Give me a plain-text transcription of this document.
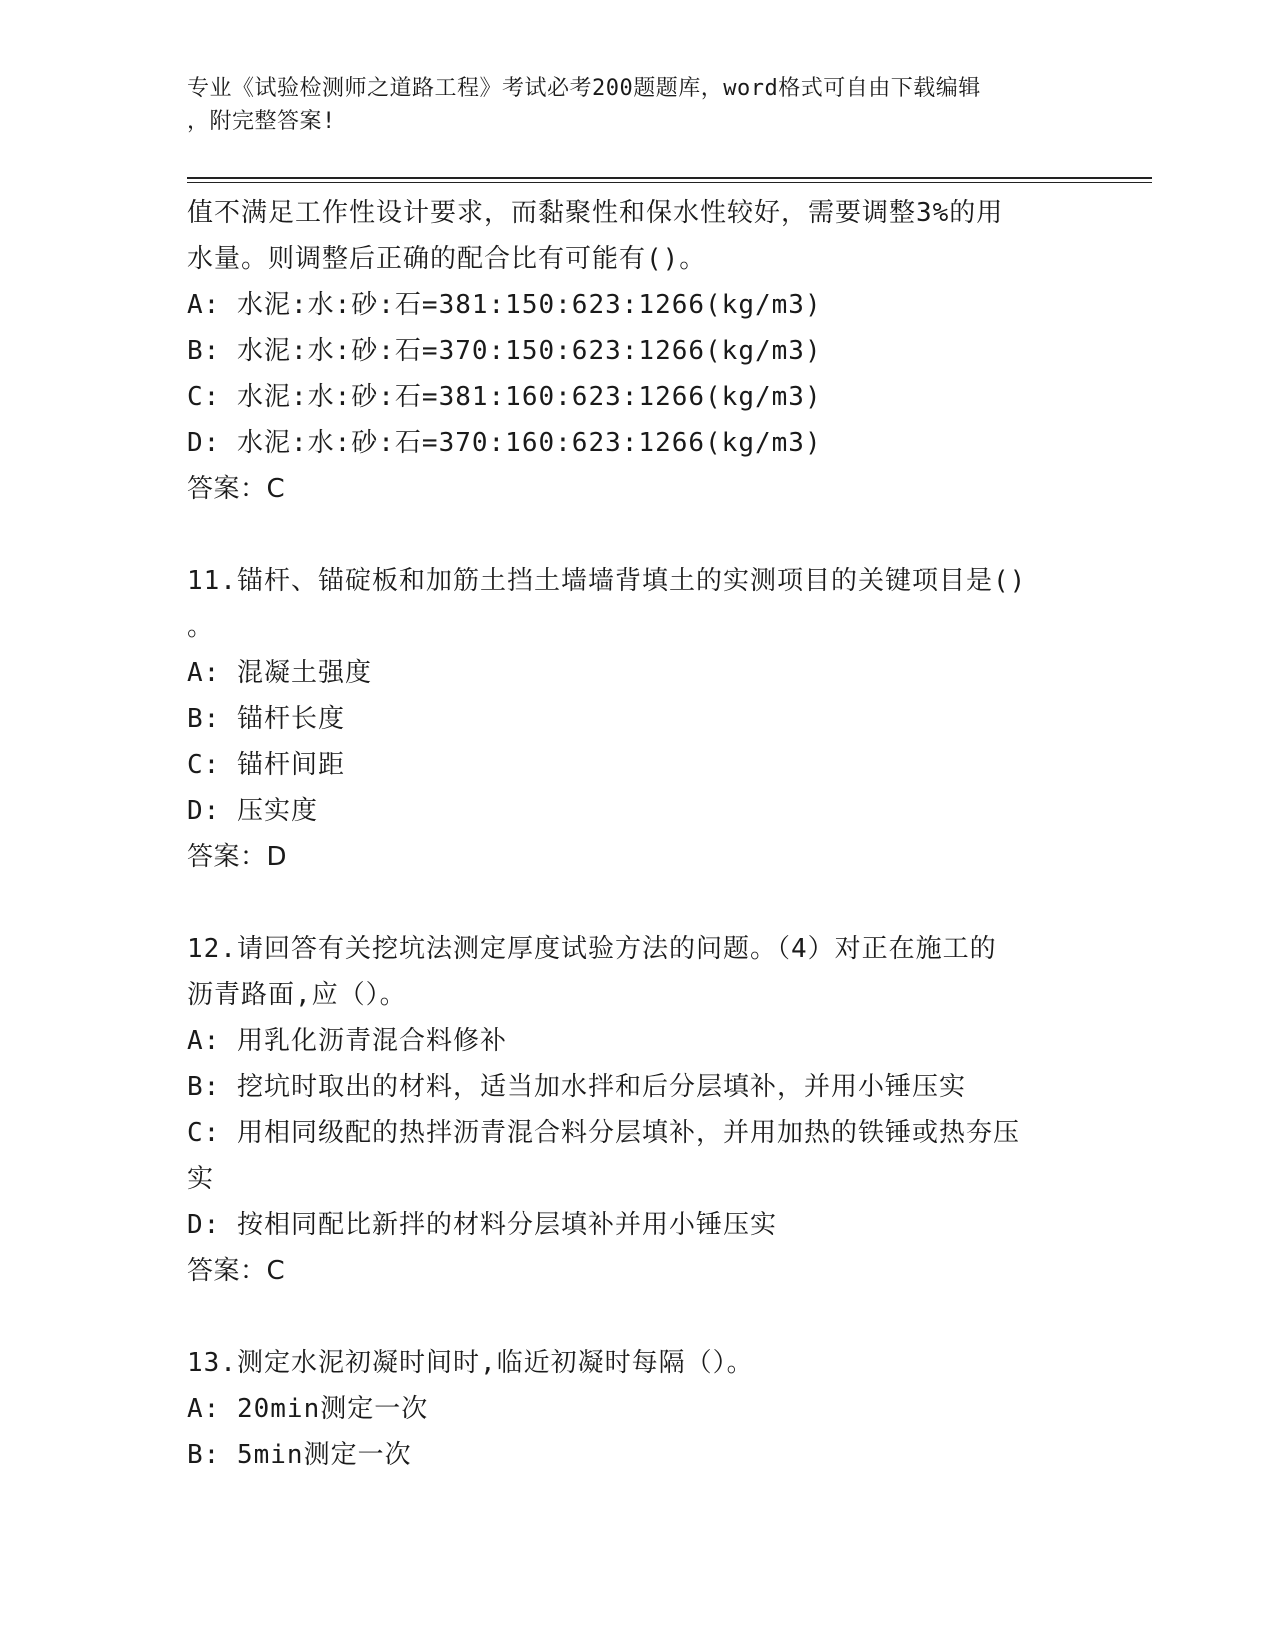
专业《试验检测师之道路工程》考试必考200题题库，word格式可自由下载编辑
，附完整答案!
值不满足工作性设计要求，而黏聚性和保水性较好，需要调整3%的用
水量。则调整后正确的配合比有可能有()。
A: 水泥:水:砂:石=381:150:623:1266(kg/m3)
B: 水泥:水:砂:石=370:150:623:1266(kg/m3)
C: 水泥:水:砂:石=381:160:623:1266(kg/m3)
D: 水泥:水:砂:石=370:160:623:1266(kg/m3)
答案：C
11.锚杆、锚碇板和加筋土挡土墙墙背填土的实测项目的关键项目是()
。
A: 混凝土强度
B: 锚杆长度
C: 锚杆间距
D: 压实度
答案：D
12.请回答有关挖坑法测定厚度试验方法的问题。（4）对正在施工的
沥青路面,应（）。
A: 用乳化沥青混合料修补
B: 挖坑时取出的材料，适当加水拌和后分层填补，并用小锤压实
C: 用相同级配的热拌沥青混合料分层填补，并用加热的铁锤或热夯压
实
D: 按相同配比新拌的材料分层填补并用小锤压实
答案：C
13.测定水泥初凝时间时,临近初凝时每隔（）。
A: 20min测定一次
B: 5min测定一次
